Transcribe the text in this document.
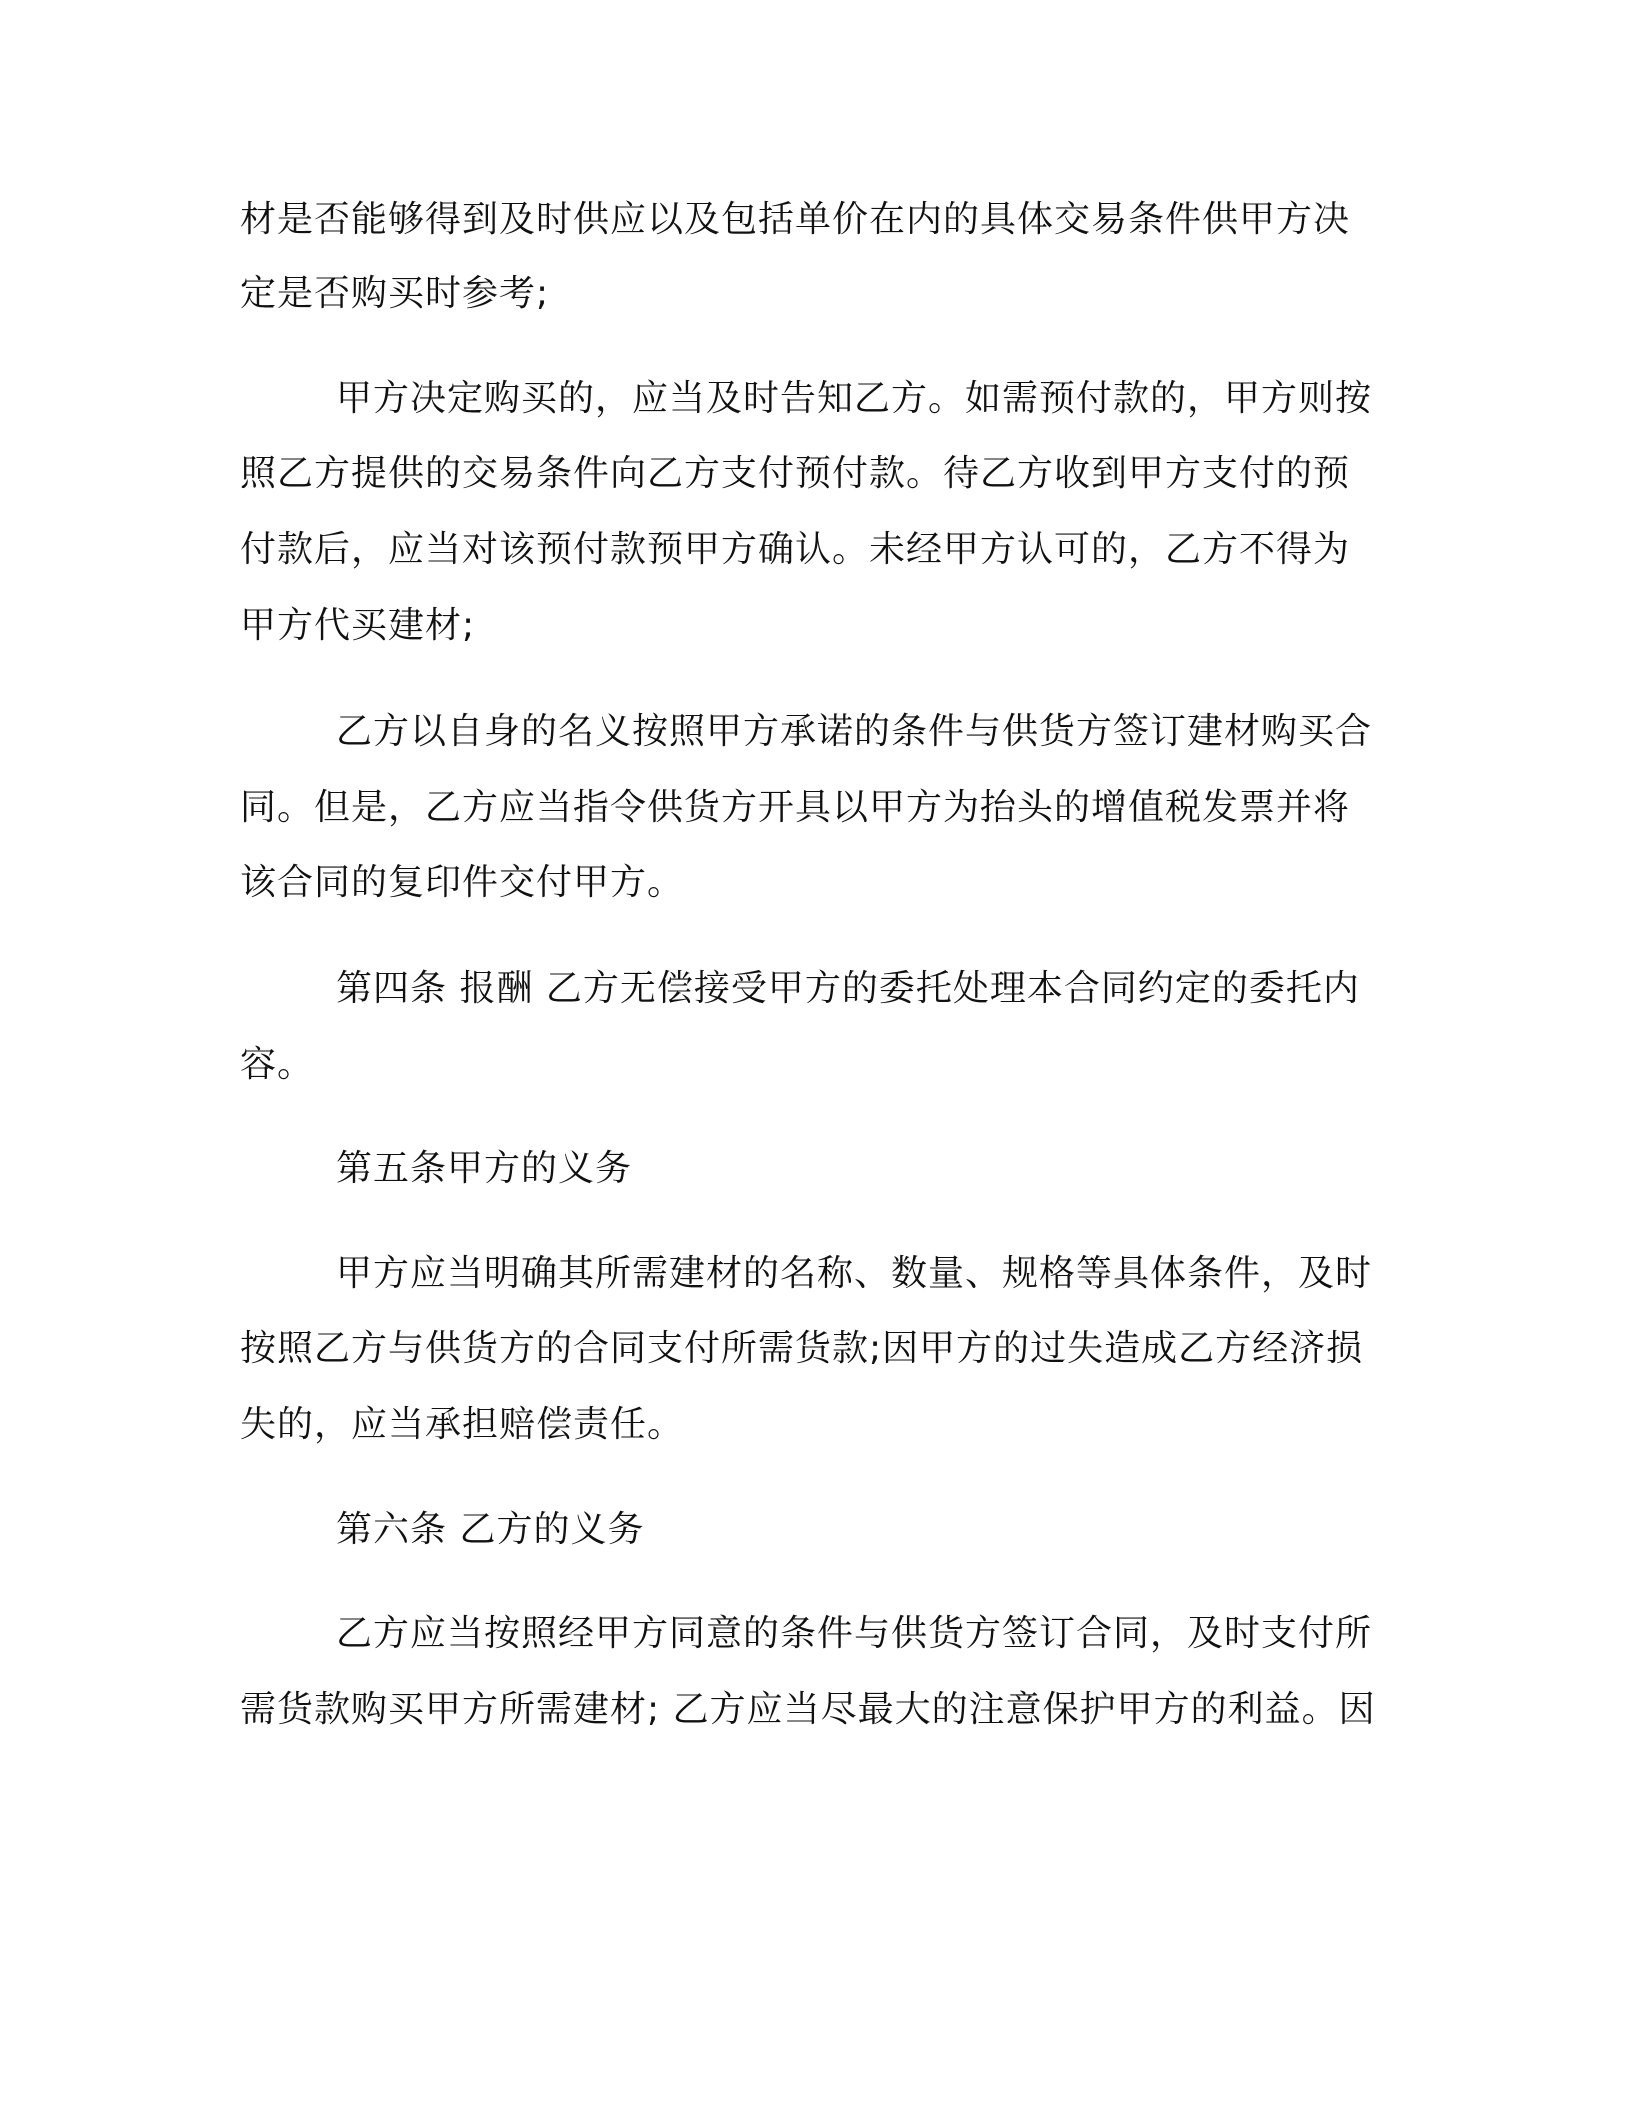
材是否能够得到及时供应以及包括单价在内的具体交易条件供甲方决
定是否购买时参考;
甲方决定购买的，应当及时告知乙方。如需预付款的，甲方则按
照乙方提供的交易条件向乙方支付预付款。待乙方收到甲方支付的预
付款后，应当对该预付款预甲方确认。未经甲方认可的，乙方不得为
甲方代买建材;
乙方以自身的名义按照甲方承诺的条件与供货方签订建材购买合
同。但是，乙方应当指令供货方开具以甲方为抬头的增值税发票并将
该合同的复印件交付甲方。
第四条 报酬 乙方无偿接受甲方的委托处理本合同约定的委托内
容。
第五条甲方的义务
甲方应当明确其所需建材的名称、数量、规格等具体条件，及时
按照乙方与供货方的合同支付所需货款;因甲方的过失造成乙方经济损
失的，应当承担赔偿责任。
第六条 乙方的义务
乙方应当按照经甲方同意的条件与供货方签订合同，及时支付所
需货款购买甲方所需建材; 乙方应当尽最大的注意保护甲方的利益。因
